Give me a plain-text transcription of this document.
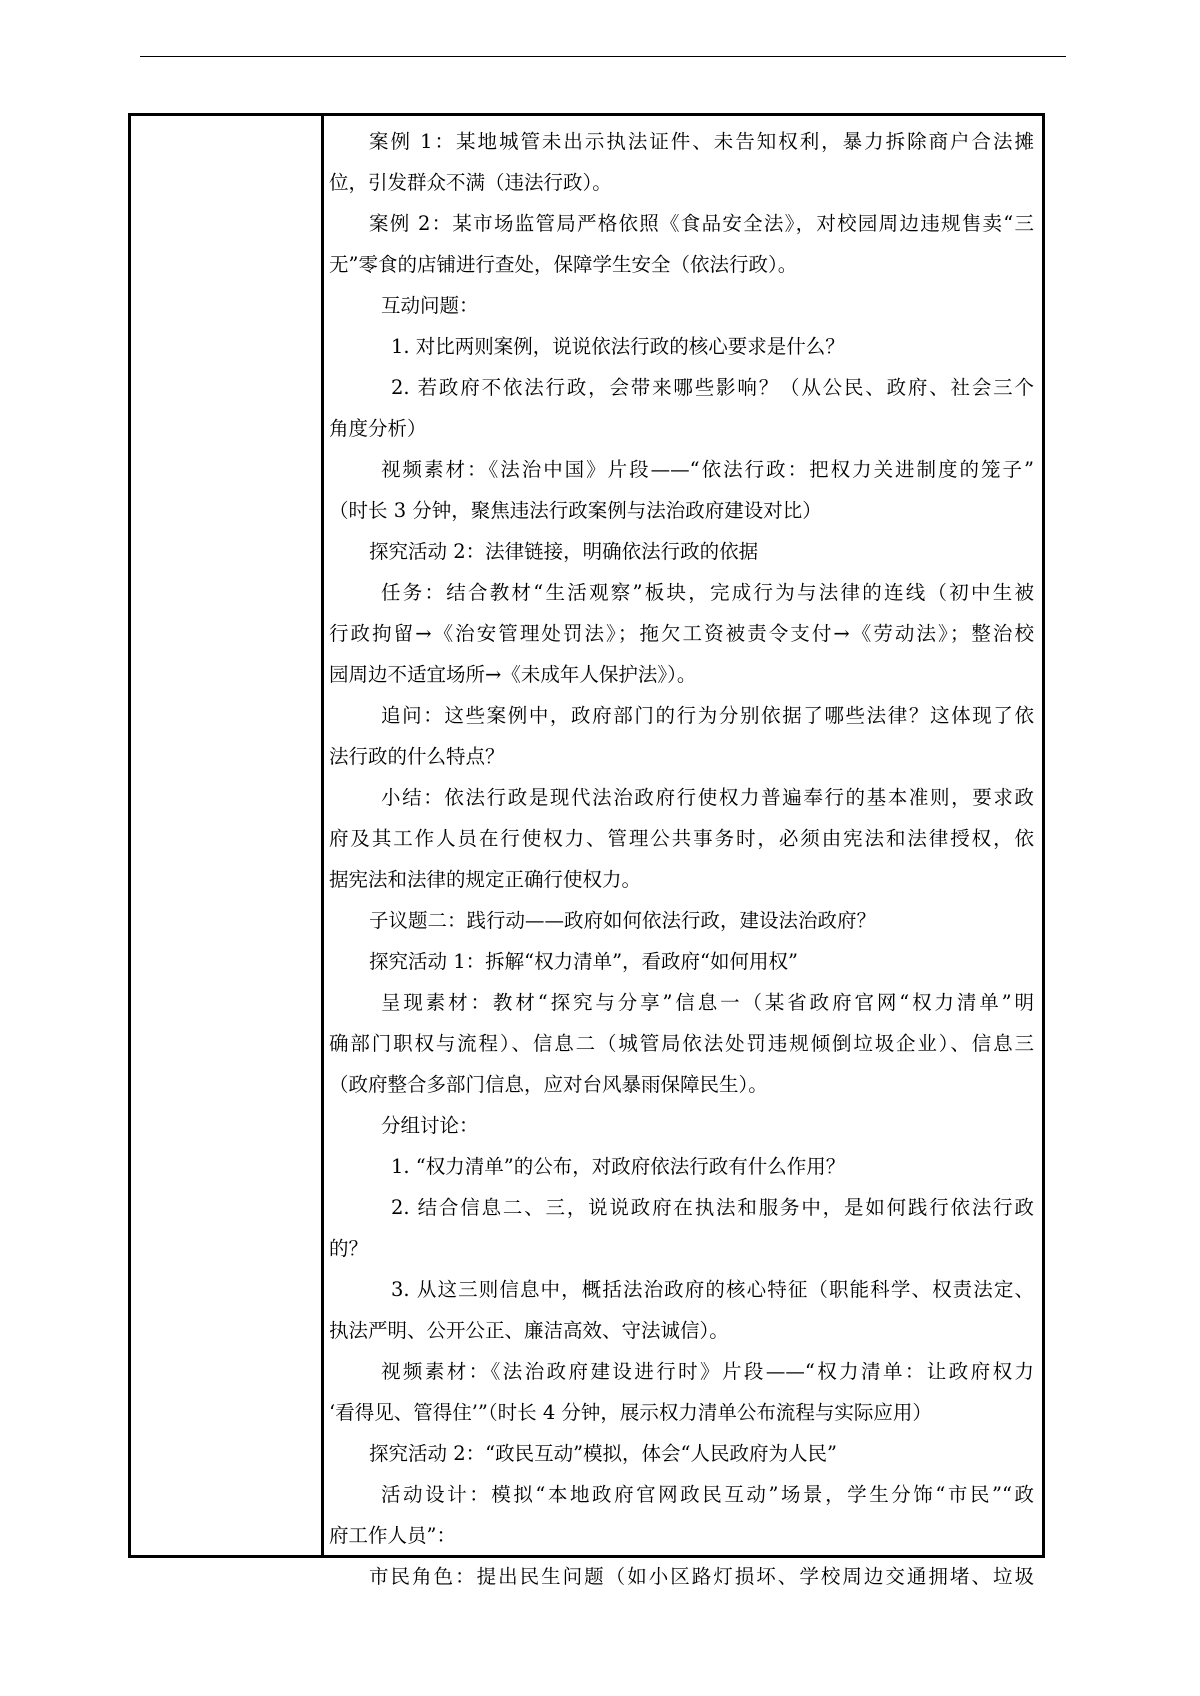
案例 1：某地城管未出示执法证件、未告知权利，暴力拆除商户合法摊
位，引发群众不满（违法行政）。
案例 2：某市场监管局严格依照《食品安全法》，对校园周边违规售卖“三
无”零食的店铺进行查处，保障学生安全（依法行政）。
互动问题：
1. 对比两则案例，说说依法行政的核心要求是什么？
2. 若政府不依法行政，会带来哪些影响？（从公民、政府、社会三个
角度分析）
视频素材：《法治中国》片段——“依法行政：把权力关进制度的笼子”
（时长 3 分钟，聚焦违法行政案例与法治政府建设对比）
探究活动 2：法律链接，明确依法行政的依据
任务：结合教材“生活观察”板块，完成行为与法律的连线（初中生被
行政拘留→《治安管理处罚法》；拖欠工资被责令支付→《劳动法》；整治校
园周边不适宜场所→《未成年人保护法》）。
追问：这些案例中，政府部门的行为分别依据了哪些法律？这体现了依
法行政的什么特点？
小结：依法行政是现代法治政府行使权力普遍奉行的基本准则，要求政
府及其工作人员在行使权力、管理公共事务时，必须由宪法和法律授权，依
据宪法和法律的规定正确行使权力。
子议题二：践行动——政府如何依法行政，建设法治政府？
探究活动 1：拆解“权力清单”，看政府“如何用权”
呈现素材：教材“探究与分享”信息一（某省政府官网“权力清单”明
确部门职权与流程）、信息二（城管局依法处罚违规倾倒垃圾企业）、信息三
（政府整合多部门信息，应对台风暴雨保障民生）。
分组讨论：
1. “权力清单”的公布，对政府依法行政有什么作用？
2. 结合信息二、三，说说政府在执法和服务中，是如何践行依法行政
的？
3. 从这三则信息中，概括法治政府的核心特征（职能科学、权责法定、
执法严明、公开公正、廉洁高效、守法诚信）。
视频素材：《法治政府建设进行时》片段——“权力清单：让政府权力
‘看得见、管得住’”（时长 4 分钟，展示权力清单公布流程与实际应用）
探究活动 2：“政民互动”模拟，体会“人民政府为人民”
活动设计：模拟“本地政府官网政民互动”场景，学生分饰“市民”“政
府工作人员”：
市民角色：提出民生问题（如小区路灯损坏、学校周边交通拥堵、垃圾
